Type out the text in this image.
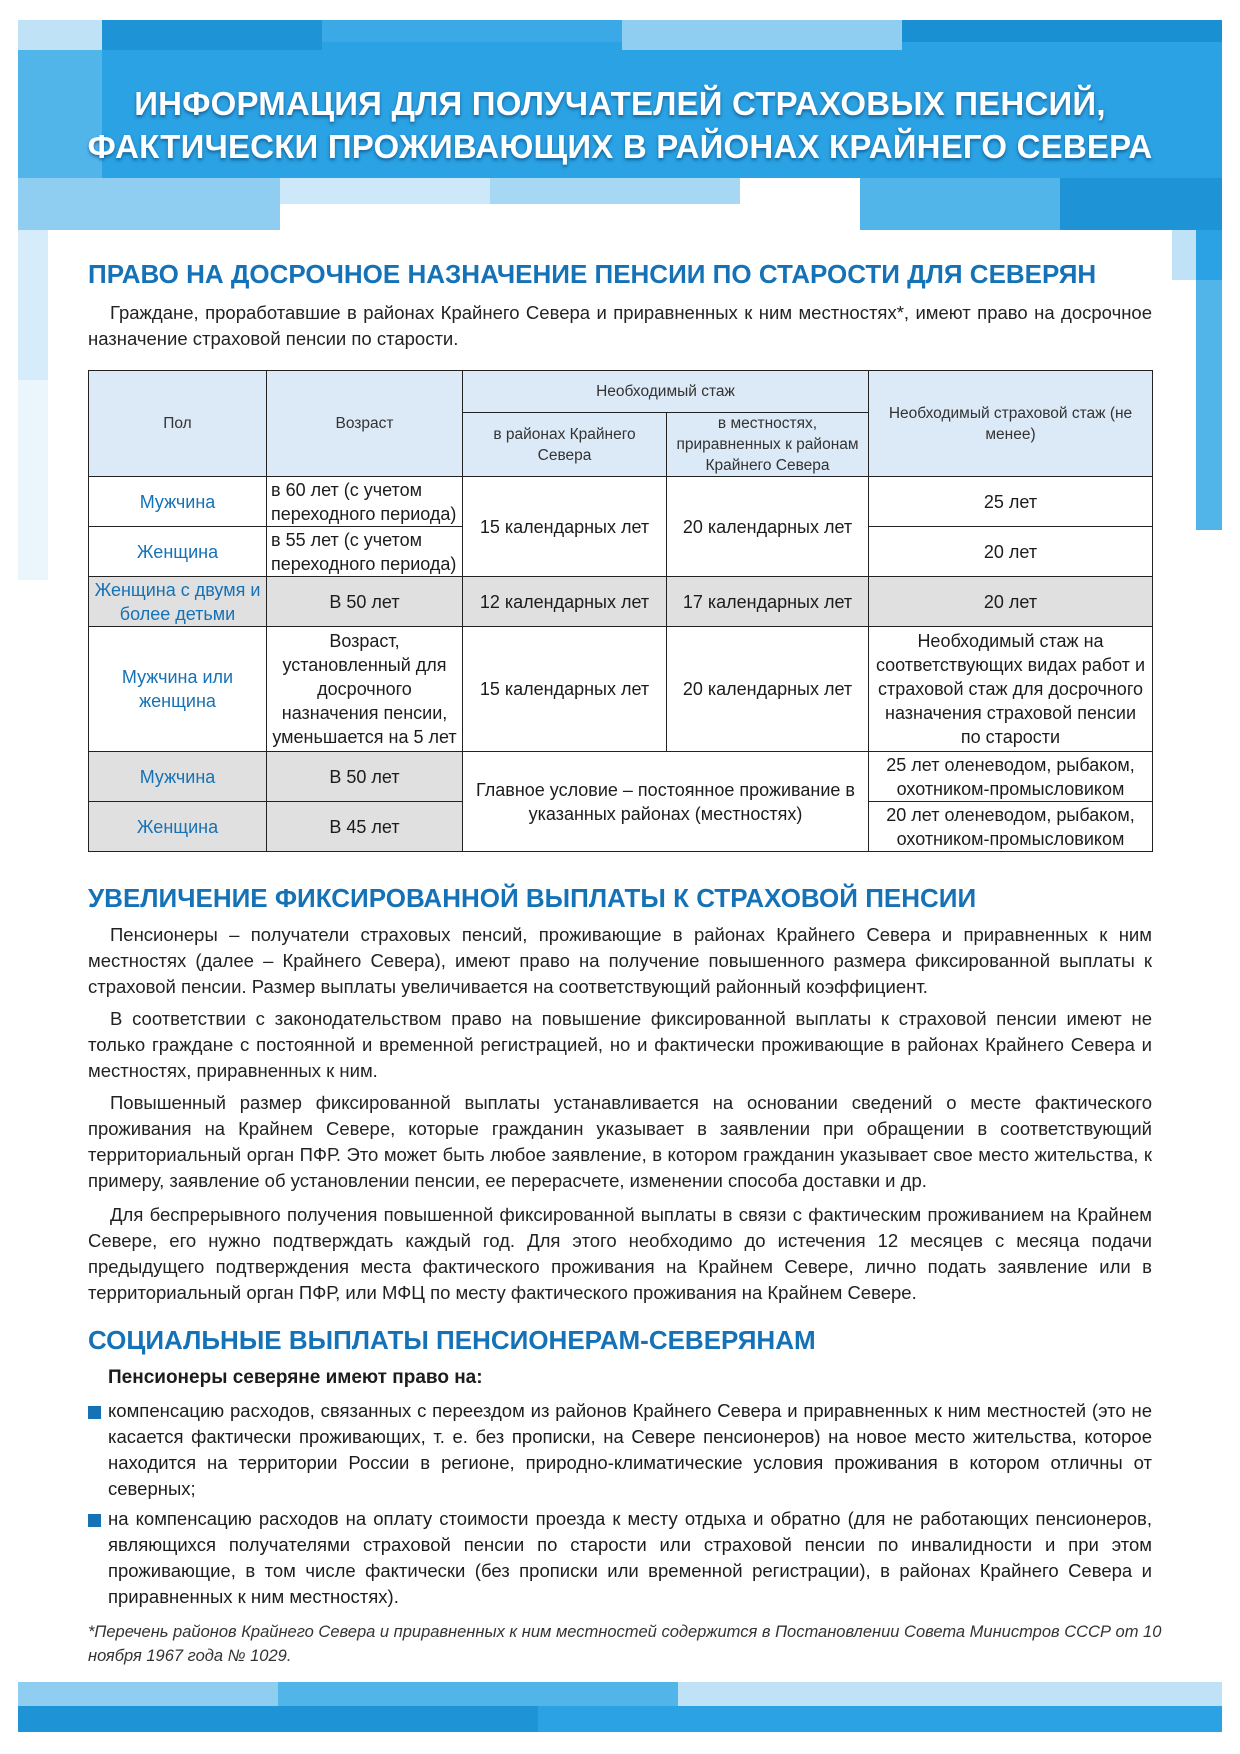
ИНФОРМАЦИЯ ДЛЯ ПОЛУЧАТЕЛЕЙ СТРАХОВЫХ ПЕНСИЙ,
ФАКТИЧЕСКИ ПРОЖИВАЮЩИХ В РАЙОНАХ КРАЙНЕГО СЕВЕРА
ПРАВО НА ДОСРОЧНОЕ НАЗНАЧЕНИЕ ПЕНСИИ ПО СТАРОСТИ ДЛЯ СЕВЕРЯН
Граждане, проработавшие в районах Крайнего Севера и приравненных к ним местностях*, имеют право на досрочное назначение страховой пенсии по старости.
Пол	Возраст	Необходимый стаж		Необходимый страховой стаж (не менее)
		в районах Крайнего Севера	в местностях, приравненных к районам Крайнего Севера	
Мужчина	в 60 лет (с учетом переходного периода)	15 календарных лет	20 календарных лет	25 лет
Женщина	в 55 лет (с учетом переходного периода)			20 лет
Женщина с двумя и более детьми	В 50 лет	12 календарных лет	17 календарных лет	20 лет
Мужчина или женщина	Возраст, установленный для досрочного назначения пенсии, уменьшается на 5 лет	15 календарных лет	20 календарных лет	Необходимый стаж на соответствующих видах работ и страховой стаж для досрочного назначения страховой пенсии по старости
Мужчина	В 50 лет	Главное условие – постоянное проживание в указанных районах (местностях)		25 лет оленеводом, рыбаком, охотником-промысловиком
Женщина	В 45 лет			20 лет оленеводом, рыбаком, охотником-промысловиком
УВЕЛИЧЕНИЕ ФИКСИРОВАННОЙ ВЫПЛАТЫ К СТРАХОВОЙ ПЕНСИИ
Пенсионеры – получатели страховых пенсий, проживающие в районах Крайнего Севера и приравненных к ним местностях (далее – Крайнего Севера), имеют право на получение повышенного размера фиксированной выплаты к страховой пенсии. Размер выплаты увеличивается на соответствующий районный коэффициент.
В соответствии с законодательством право на повышение фиксированной выплаты к страховой пенсии имеют не только граждане с постоянной и временной регистрацией, но и фактически проживающие в районах Крайнего Севера и местностях, приравненных к ним.
Повышенный размер фиксированной выплаты устанавливается на основании сведений о месте фактического проживания на Крайнем Севере, которые гражданин указывает в заявлении при обращении в соответствующий территориальный орган ПФР. Это может быть любое заявление, в котором гражданин указывает свое место жительства, к примеру, заявление об установлении пенсии, ее перерасчете, изменении способа доставки и др.
Для беспрерывного получения повышенной фиксированной выплаты в связи с фактическим проживанием на Крайнем Севере, его нужно подтверждать каждый год. Для этого необходимо до истечения 12 месяцев с месяца подачи предыдущего подтверждения места фактического проживания на Крайнем Севере, лично подать заявление или в территориальный орган ПФР, или МФЦ по месту фактического проживания на Крайнем Севере.
СОЦИАЛЬНЫЕ ВЫПЛАТЫ ПЕНСИОНЕРАМ-СЕВЕРЯНАМ
Пенсионеры северяне имеют право на:
компенсацию расходов, связанных с переездом из районов Крайнего Севера и приравненных к ним местностей (это не касается фактически проживающих, т. е. без прописки, на Севере пенсионеров) на новое место жительства, которое находится на территории России в регионе, природно-климатические условия проживания в котором отличны от северных;
на компенсацию расходов на оплату стоимости проезда к месту отдыха и обратно (для не работающих пенсионеров, являющихся получателями страховой пенсии по старости или страховой пенсии по инвалидности и при этом проживающие, в том числе фактически (без прописки или временной регистрации), в районах Крайнего Севера и приравненных к ним местностях).
*Перечень районов Крайнего Севера и приравненных к ним местностей содержится в Постановлении Совета Министров СССР от 10 ноября 1967 года № 1029.
